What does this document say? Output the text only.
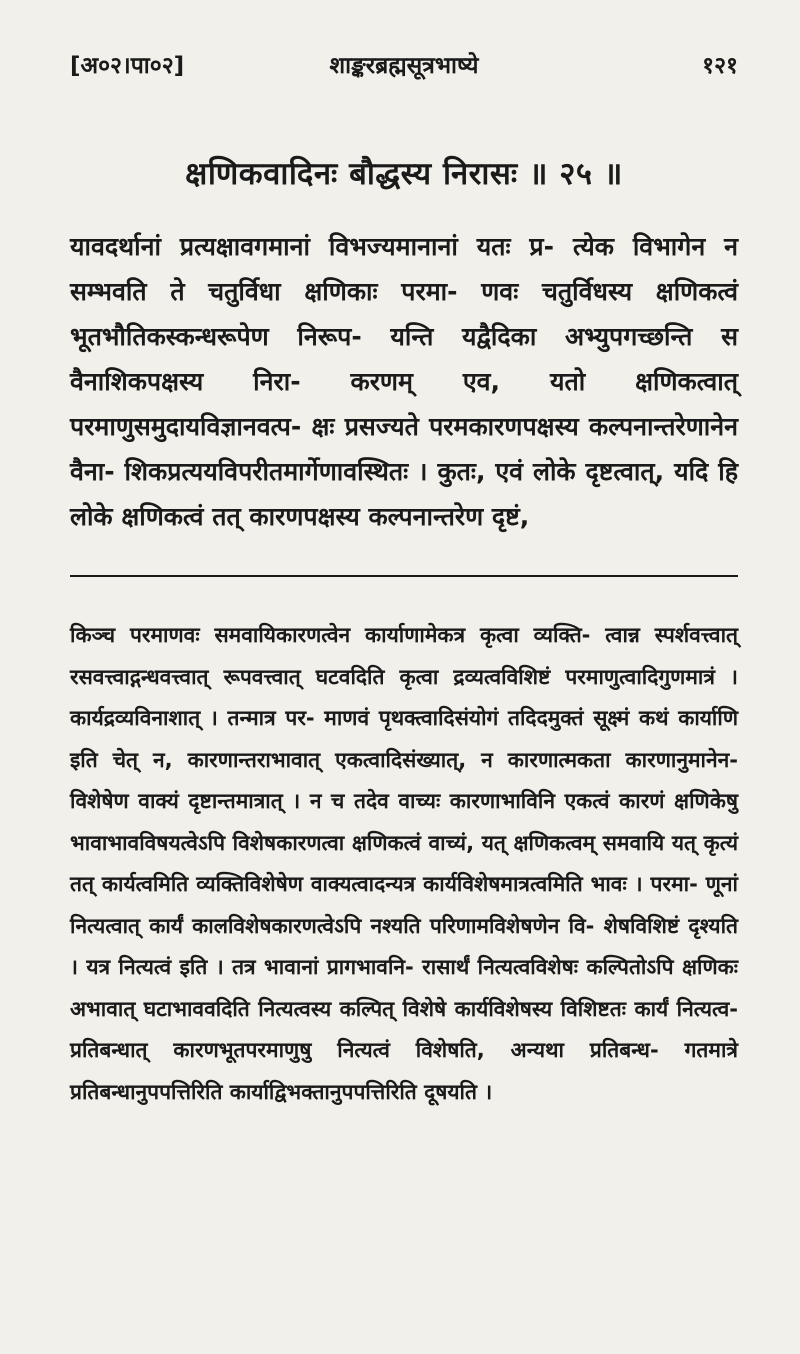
[अ०२।पा०२]	शाङ्करब्रह्मसूत्रभाष्ये	१२१
क्षणिकवादिनः बौद्धस्य निरासः ॥ २५ ॥
यावदर्थानां प्रत्यक्षावगमानां विभज्यमानानां यतः प्र- त्येक विभागेन न सम्भवति ते चतुर्विधा क्षणिकाः परमा- णवः चतुर्विधस्य क्षणिकत्वं भूतभौतिकस्कन्धरूपेण निरूप- यन्ति यद्वैदिका अभ्युपगच्छन्ति स वैनाशिकपक्षस्य निरा- करणम् एव, यतो क्षणिकत्वात् परमाणुसमुदायविज्ञानवत्प- क्षः प्रसज्यते परमकारणपक्षस्य कल्पनान्तरेणानेन वैना- शिकप्रत्ययविपरीतमार्गेणावस्थितः । कुतः, एवं लोके दृष्टत्वात्, यदि हि लोके क्षणिकत्वं तत् कारणपक्षस्य कल्पनान्तरेण दृष्टं,
किञ्च परमाणवः समवायिकारणत्वेन कार्याणामेकत्र कृत्वा व्यक्ति- त्वान्न स्पर्शवत्त्वात् रसवत्त्वाद्गन्धवत्त्वात् रूपवत्त्वात् घटवदिति कृत्वा द्रव्यत्वविशिष्टं परमाणुत्वादिगुणमात्रं । कार्यद्रव्यविनाशात् । तन्मात्र पर- माणवं पृथक्त्वादिसंयोगं तदिदमुक्तं सूक्ष्मं कथं कार्याणि इति चेत् न, कारणान्तराभावात् एकत्वादिसंख्यात्, न कारणात्मकता कारणानुमानेन- विशेषेण वाक्यं दृष्टान्तमात्रात् । न च तदेव वाच्यः कारणाभाविनि एकत्वं कारणं क्षणिकेषु भावाभावविषयत्वेऽपि विशेषकारणत्वा क्षणिकत्वं वाच्यं, यत् क्षणिकत्वम् समवायि यत् कृत्यं तत् कार्यत्वमिति व्यक्तिविशेषेण वाक्यत्वादन्यत्र कार्यविशेषमात्रत्वमिति भावः । परमा- णूनां नित्यत्वात् कार्यं कालविशेषकारणत्वेऽपि नश्यति परिणामविशेषणेन वि- शेषविशिष्टं दृश्यति । यत्र नित्यत्वं इति । तत्र भावानां प्रागभावनि- रासार्थं नित्यत्वविशेषः कल्पितोऽपि क्षणिकः अभावात् घटाभाववदिति नित्यत्वस्य कल्पित् विशेषे कार्यविशेषस्य विशिष्टतः कार्यं नित्यत्व- प्रतिबन्धात् कारणभूतपरमाणुषु नित्यत्वं विशेषति, अन्यथा प्रतिबन्ध- गतमात्रे प्रतिबन्धानुपपत्तिरिति कार्याद्विभक्तानुपपत्तिरिति दूषयति ।
